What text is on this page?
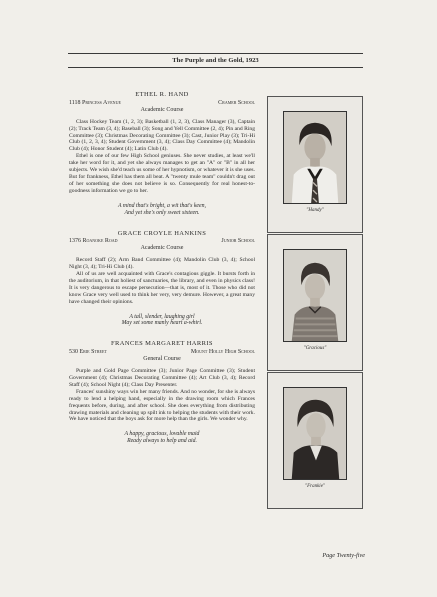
The Purple and the Gold, 1923
ETHEL R. HAND
1118 Princess Avenue	Cramer School
Academic Course

Class Hockey Team (1, 2, 3); Basketball (1, 2, 3), Class Manager (3), Captain (2); Track Team (3, 4); Baseball (3); Song and Yell Committee (2, 4); Pin and Ring Committee (3); Christmas Decorating Committee (3); Cast, Junior Play (3); Tri-Hi Club (1, 2, 3, 4); Student Government (3, 4); Class Day Committee (4); Mandolin Club (4); Honor Student (4); Latin Club (4).

Ethel is one of our few High School geniuses. She never studies, at least we'll take her word for it, and yet she always manages to get an "A" or "B" in all her subjects. We wish she'd teach us some of her hypnotism, or whatever it is she uses. But for frankness, Ethel has them all beat. A "twenty mule team" couldn't drag out of her something she does not believe is so. Consequently for real honest-to-goodness information we go to her.

A mind that's bright, a wit that's keen,
And yet she's only sweet sixteen.
GRACE CROYLE HANKINS
1376 Roanoke Road	Junior School
Academic Course

Record Staff (2); Arm Band Committee (4); Mandolin Club (3, 4); School Night (3, 4); Tri-Hi Club (4).

All of us are well acquainted with Grace's contagious giggle. It bursts forth in the auditorium, in that holiest of sanctuaries, the library, and even in physics class! It is very dangerous to escape persecution—that is, most of it. Those who did not know Grace very well used to think her very, very demure. However, a great many have changed their opinions.

A tall, slender, laughing girl
May set some manly heart a-whirl.
FRANCES MARGARET HARRIS
530 Erie Street	Mount Holly High School
General Course

Purple and Gold Page Committee (3); Junior Page Committee (3); Student Government (4); Christmas Decorating Committee (4); Art Club (3, 4); Record Staff (4); School Night (4); Class Day Presenter.

Frances' sunshiny ways win her many friends. And no wonder, for she is always ready to lend a helping hand, especially in the drawing room which Frances frequents before, during, and after school. She does everything from distributing drawing materials and cleaning up spilt ink to helping the students with their work. We have noticed that the boys ask for more help than the girls. We wonder why.

A happy, gracious, lovable maid
Ready always to help and aid.
"Handy"
"Gracious"
"Frankie"
Page Twenty-five
